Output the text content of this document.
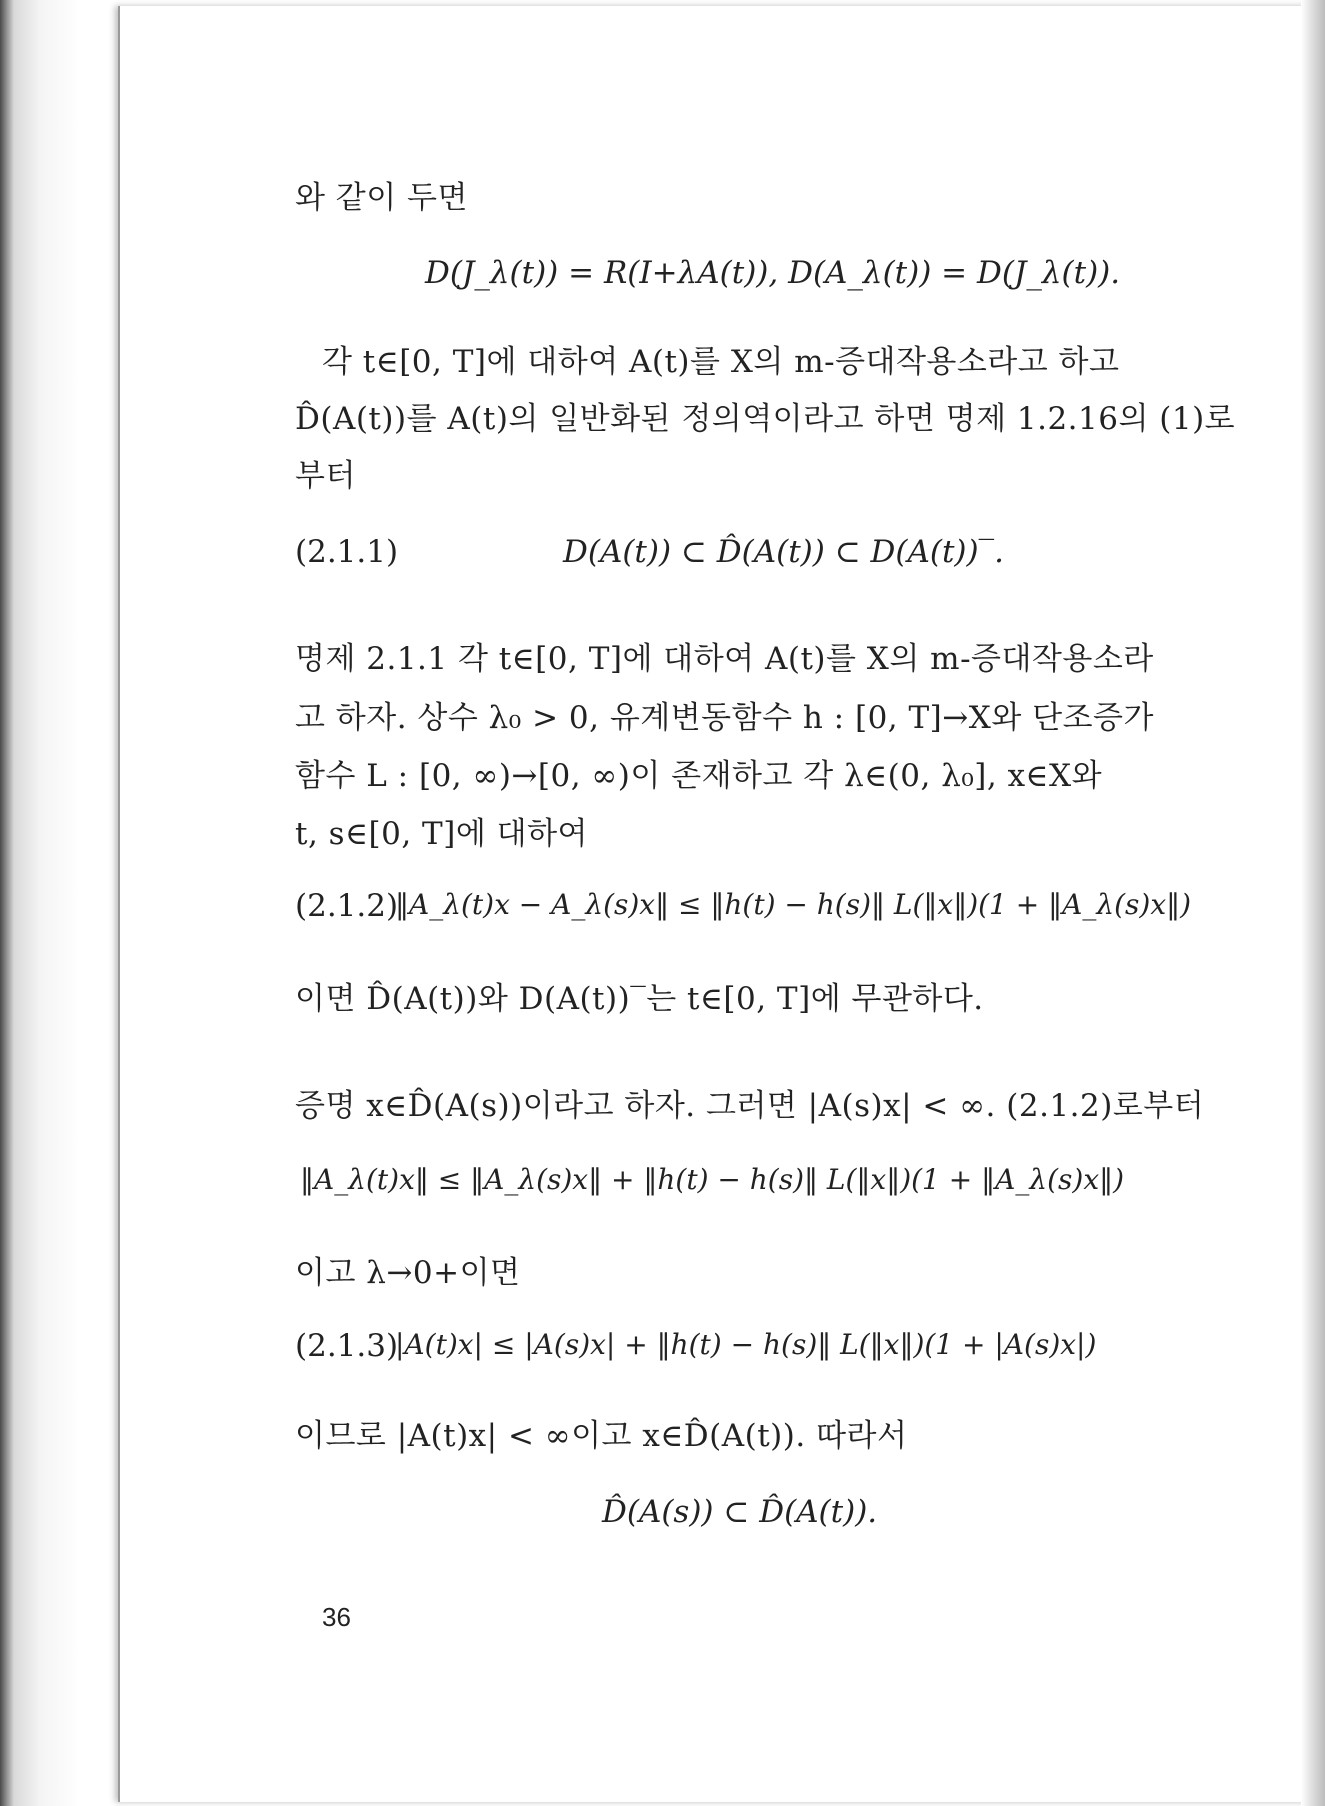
와 같이 두면
D(J_λ(t)) = R(I+λA(t)), D(A_λ(t)) = D(J_λ(t)).
각 t∈[0, T]에 대하여 A(t)를 X의 m-증대작용소라고 하고
D̂(A(t))를 A(t)의 일반화된 정의역이라고 하면 명제 1.2.16의 (1)로
부터
(2.1.1)	D(A(t)) ⊂ D̂(A(t)) ⊂ D(A(t))‾.
명제 2.1.1 각 t∈[0, T]에 대하여 A(t)를 X의 m-증대작용소라
고 하자. 상수 λ₀ > 0, 유계변동함수 h : [0, T]→X와 단조증가
함수 L : [0, ∞)→[0, ∞)이 존재하고 각 λ∈(0, λ₀], x∈X와
t, s∈[0, T]에 대하여
(2.1.2)
‖A_λ(t)x − A_λ(s)x‖ ≤ ‖h(t) − h(s)‖ L(‖x‖)(1 + ‖A_λ(s)x‖)
이면 D̂(A(t))와 D(A(t))‾는 t∈[0, T]에 무관하다.
증명 x∈D̂(A(s))이라고 하자. 그러면 |A(s)x| < ∞. (2.1.2)로부터
‖A_λ(t)x‖ ≤ ‖A_λ(s)x‖ + ‖h(t) − h(s)‖ L(‖x‖)(1 + ‖A_λ(s)x‖)
이고 λ→0+이면
(2.1.3)
|A(t)x| ≤ |A(s)x| + ‖h(t) − h(s)‖ L(‖x‖)(1 + |A(s)x|)
이므로 |A(t)x| < ∞이고 x∈D̂(A(t)). 따라서
D̂(A(s)) ⊂ D̂(A(t)).
36
